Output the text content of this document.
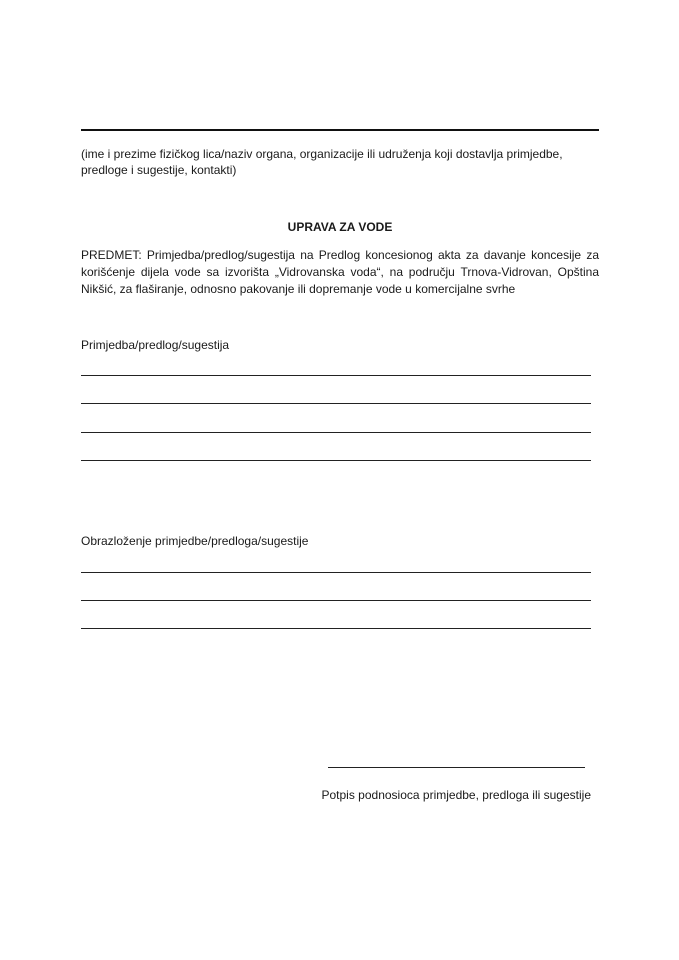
(ime i prezime fizičkog lica/naziv organa, organizacije ili udruženja koji dostavlja primjedbe, predloge i sugestije, kontakti)
UPRAVA ZA VODE
PREDMET: Primjedba/predlog/sugestija na Predlog koncesionog akta za davanje koncesije za korišćenje dijela vode sa izvorišta „Vidrovanska voda“, na području Trnova-Vidrovan, Opština Nikšić, za flaširanje, odnosno pakovanje ili dopremanje vode u komercijalne svrhe
Primjedba/predlog/sugestija
Obrazloženje primjedbe/predloga/sugestije
Potpis podnosioca primjedbe, predloga ili sugestije
